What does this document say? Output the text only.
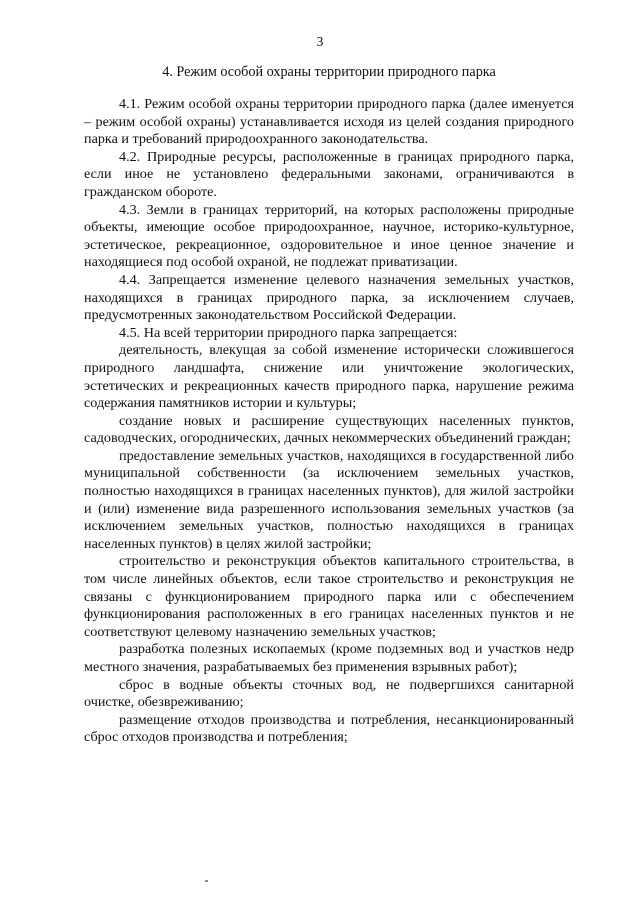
3
4. Режим особой охраны территории природного парка

4.1. Режим особой охраны территории природного парка (далее именуется – режим особой охраны) устанавливается исходя из целей создания природного парка и требований природоохранного законодательства.

4.2. Природные ресурсы, расположенные в границах природного парка, если иное не установлено федеральными законами, ограничиваются в гражданском обороте.

4.3. Земли в границах территорий, на которых расположены природные объекты, имеющие особое природоохранное, научное, историко-культурное, эстетическое, рекреационное, оздоровительное и иное ценное значение и находящиеся под особой охраной, не подлежат приватизации.

4.4. Запрещается изменение целевого назначения земельных участков, находящихся в границах природного парка, за исключением случаев, предусмотренных законодательством Российской Федерации.

4.5. На всей территории природного парка запрещается:

деятельность, влекущая за собой изменение исторически сложившегося природного ландшафта, снижение или уничтожение экологических, эстетических и рекреационных качеств природного парка, нарушение режима содержания памятников истории и культуры;

создание новых и расширение существующих населенных пунктов, садоводческих, огороднических, дачных некоммерческих объединений граждан;

предоставление земельных участков, находящихся в государственной либо муниципальной собственности (за исключением земельных участков, полностью находящихся в границах населенных пунктов), для жилой застройки и (или) изменение вида разрешенного использования земельных участков (за исключением земельных участков, полностью находящихся в границах населенных пунктов) в целях жилой застройки;

строительство и реконструкция объектов капитального строительства, в том числе линейных объектов, если такое строительство и реконструкция не связаны с функционированием природного парка или с обеспечением функционирования расположенных в его границах населенных пунктов и не соответствуют целевому назначению земельных участков;

разработка полезных ископаемых (кроме подземных вод и участков недр местного значения, разрабатываемых без применения взрывных работ);

сброс в водные объекты сточных вод, не подвергшихся санитарной очистке, обезвреживанию;

размещение отходов производства и потребления, несанкционированный сброс отходов производства и потребления;
